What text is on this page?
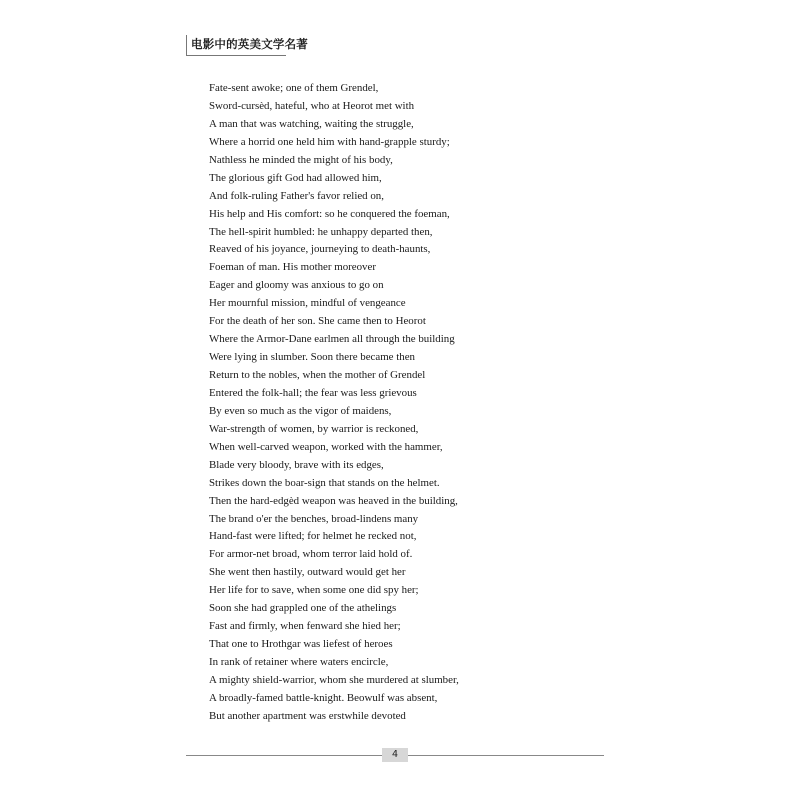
电影中的英美文学名著
Fate-sent awoke; one of them Grendel,
Sword-cursèd, hateful, who at Heorot met with
A man that was watching, waiting the struggle,
Where a horrid one held him with hand-grapple sturdy;
Nathless he minded the might of his body,
The glorious gift God had allowed him,
And folk-ruling Father's favor relied on,
His help and His comfort: so he conquered the foeman,
The hell-spirit humbled: he unhappy departed then,
Reaved of his joyance, journeying to death-haunts,
Foeman of man. His mother moreover
Eager and gloomy was anxious to go on
Her mournful mission, mindful of vengeance
For the death of her son. She came then to Heorot
Where the Armor-Dane earlmen all through the building
Were lying in slumber. Soon there became then
Return to the nobles, when the mother of Grendel
Entered the folk-hall; the fear was less grievous
By even so much as the vigor of maidens,
War-strength of women, by warrior is reckoned,
When well-carved weapon, worked with the hammer,
Blade very bloody, brave with its edges,
Strikes down the boar-sign that stands on the helmet.
Then the hard-edgèd weapon was heaved in the building,
The brand o'er the benches, broad-lindens many
Hand-fast were lifted; for helmet he recked not,
For armor-net broad, whom terror laid hold of.
She went then hastily, outward would get her
Her life for to save, when some one did spy her;
Soon she had grappled one of the athelings
Fast and firmly, when fenward she hied her;
That one to Hrothgar was liefest of heroes
In rank of retainer where waters encircle,
A mighty shield-warrior, whom she murdered at slumber,
A broadly-famed battle-knight. Beowulf was absent,
But another apartment was erstwhile devoted
4
